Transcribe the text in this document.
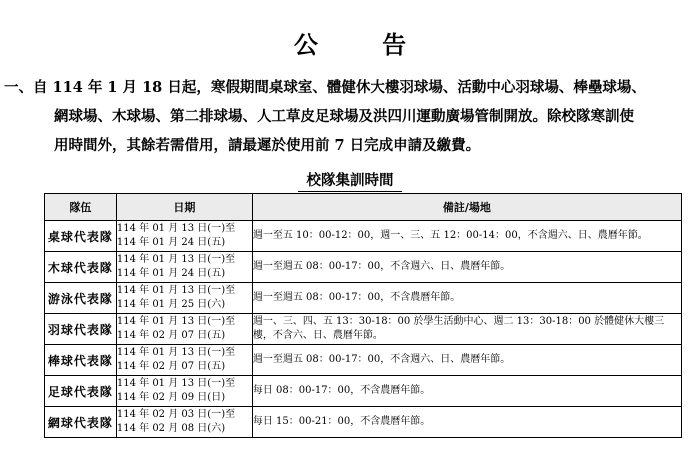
公 告
一、自 114 年 1 月 18 日起，寒假期間桌球室、體健休大樓羽球場、活動中心羽球場、棒壘球場、
網球場、木球場、第二排球場、人工草皮足球場及洪四川運動廣場管制開放。除校隊寒訓使
用時間外，其餘若需借用，請最遲於使用前 7 日完成申請及繳費。
校隊集訓時間
隊伍	日期	備註/場地
桌球代表隊	114 年 01 月 13 日(一)至
114 年 01 月 24 日(五)	週一至五 10：00-12：00，週一、三、五 12：00-14：00，不含週六、日、農曆年節。
木球代表隊	114 年 01 月 13 日(一)至
114 年 01 月 24 日(五)	週一至週五 08：00-17：00，不含週六、日、農曆年節。
游泳代表隊	114 年 01 月 13 日(一)至
114 年 01 月 25 日(六)	週一至週五 08：00-17：00，不含農曆年節。
羽球代表隊	114 年 01 月 13 日(一)至
114 年 02 月 07 日(五)	週一、三、四、五 13：30-18：00 於學生活動中心、週二 13：30-18：00 於體健休大樓三樓，不含六、日、農曆年節。
棒球代表隊	114 年 01 月 13 日(一)至
114 年 02 月 07 日(五)	週一至週五 08：00-17：00，不含週六、日、農曆年節。
足球代表隊	114 年 01 月 13 日(一)至
114 年 02 月 09 日(日)	每日 08：00-17：00，不含農曆年節。
網球代表隊	114 年 02 月 03 日(一)至
114 年 02 月 08 日(六)	每日 15：00-21：00，不含農曆年節。
